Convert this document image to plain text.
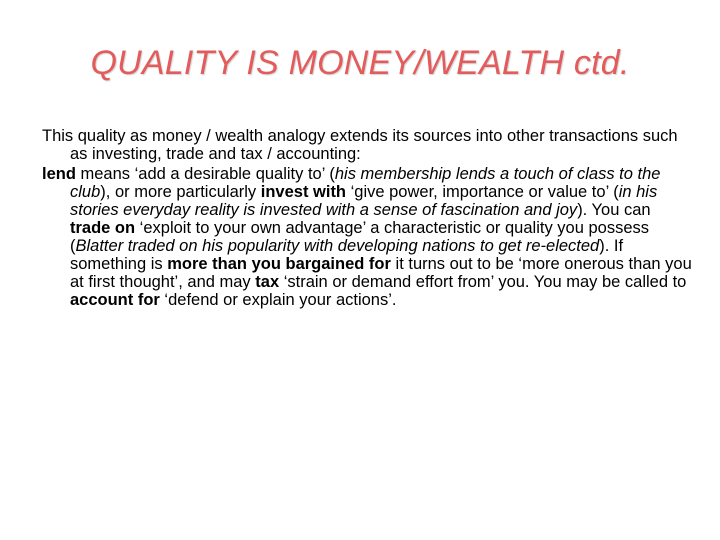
QUALITY IS MONEY/WEALTH ctd.

This quality as money / wealth analogy extends its sources into other transactions such as investing, trade and tax / accounting:

lend means ‘add a desirable quality to’ (his membership lends a touch of class to the club), or more particularly invest with ‘give power, importance or value to’ (in his stories everyday reality is invested with a sense of fascination and joy). You can trade on ‘exploit to your own advantage’ a characteristic or quality you possess (Blatter traded on his popularity with developing nations to get re-elected). If something is more than you bargained for it turns out to be ‘more onerous than you at first thought’, and may tax ‘strain or demand effort from’ you. You may be called to account for ‘defend or explain your actions’.
